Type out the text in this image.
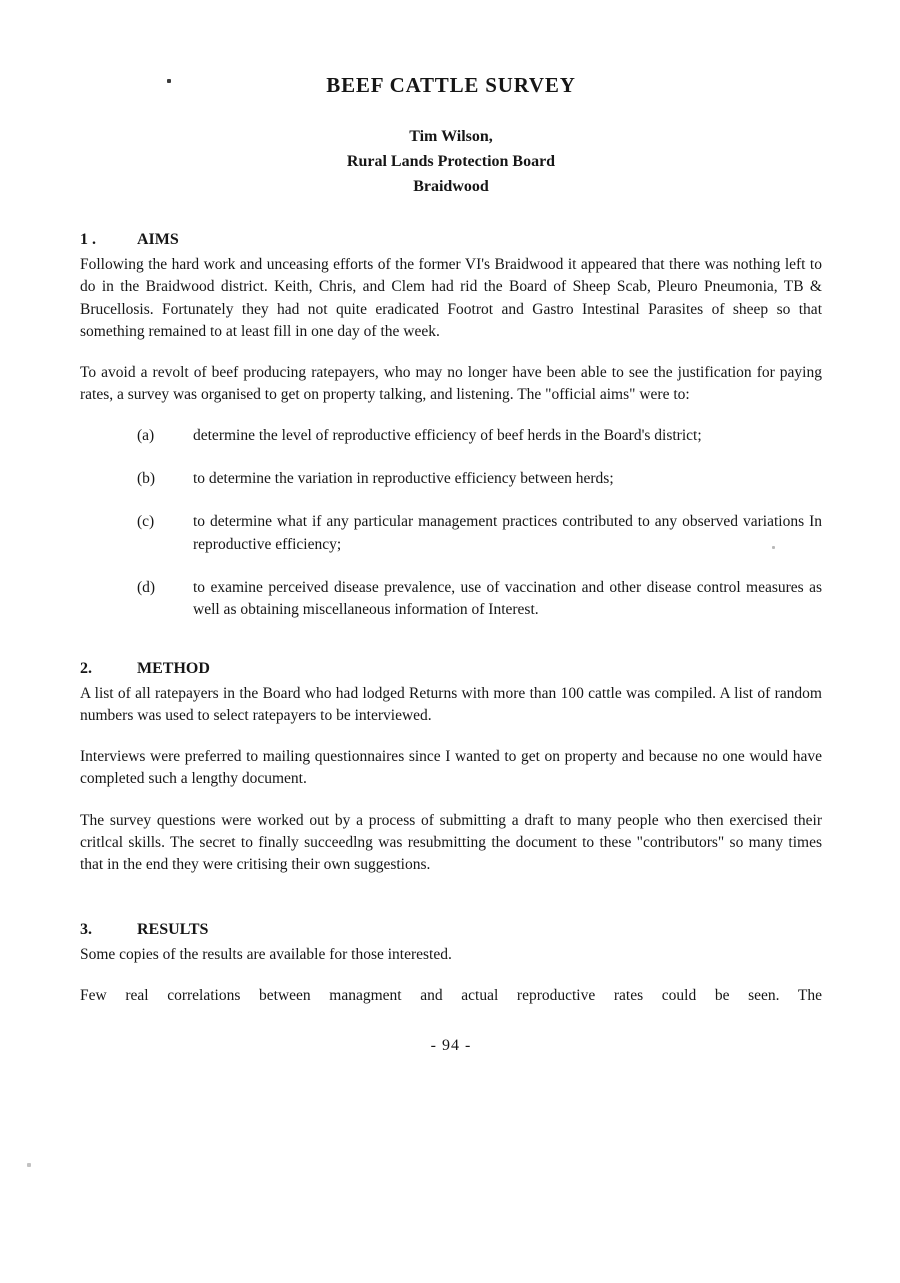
BEEF CATTLE SURVEY
Tim Wilson,
Rural Lands Protection Board
Braidwood
1 .	AIMS

Following the hard work and unceasing efforts of the former VI's Braidwood it appeared that there was nothing left to do in the Braidwood district. Keith, Chris, and Clem had rid the Board of Sheep Scab, Pleuro Pneumonia, TB & Brucellosis. Fortunately they had not quite eradicated Footrot and Gastro Intestinal Parasites of sheep so that something remained to at least fill in one day of the week.

To avoid a revolt of beef producing ratepayers, who may no longer have been able to see the justification for paying rates, a survey was organised to get on property talking, and listening. The "official aims" were to:

(a)	determine the level of reproductive efficiency of beef herds in the Board's district;
(b)	to determine the variation in reproductive efficiency between herds;
(c)	to determine what if any particular management practices contributed to any observed variations In reproductive efficiency;
(d)	to examine perceived disease prevalence, use of vaccination and other disease control measures as well as obtaining miscellaneous information of Interest.
2.	METHOD

A list of all ratepayers in the Board who had lodged Returns with more than 100 cattle was compiled. A list of random numbers was used to select ratepayers to be interviewed.

Interviews were preferred to mailing questionnaires since I wanted to get on property and because no one would have completed such a lengthy document.

The survey questions were worked out by a process of submitting a draft to many people who then exercised their critlcal skills. The secret to finally succeedlng was resubmitting the document to these "contributors" so many times that in the end they were critising their own suggestions.

3.	RESULTS

Some copies of the results are available for those interested.

Few real correlations between managment and actual reproductive rates could be seen. The

- 94 -
